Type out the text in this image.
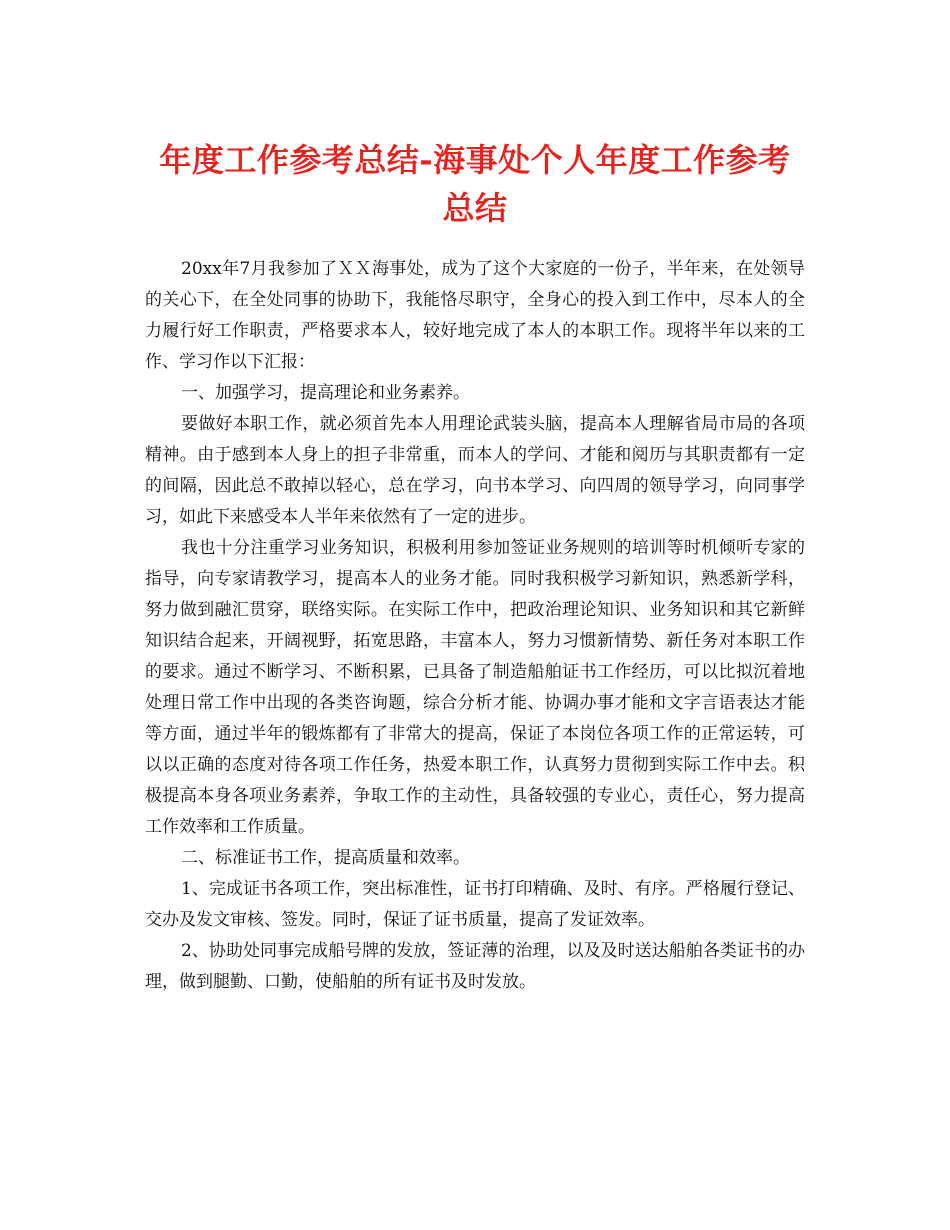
年度工作参考总结-海事处个人年度工作参考总结

20xx年7月我参加了ＸＸ海事处，成为了这个大家庭的一份子，半年来，在处领导的关心下，在全处同事的协助下，我能恪尽职守，全身心的投入到工作中，尽本人的全力履行好工作职责，严格要求本人，较好地完成了本人的本职工作。现将半年以来的工作、学习作以下汇报：

一、加强学习，提高理论和业务素养。

要做好本职工作，就必须首先本人用理论武装头脑，提高本人理解省局市局的各项精神。由于感到本人身上的担子非常重，而本人的学问、才能和阅历与其职责都有一定的间隔，因此总不敢掉以轻心，总在学习，向书本学习、向四周的领导学习，向同事学习，如此下来感受本人半年来依然有了一定的进步。

我也十分注重学习业务知识，积极利用参加签证业务规则的培训等时机倾听专家的指导，向专家请教学习，提高本人的业务才能。同时我积极学习新知识，熟悉新学科，努力做到融汇贯穿，联络实际。在实际工作中，把政治理论知识、业务知识和其它新鲜知识结合起来，开阔视野，拓宽思路，丰富本人，努力习惯新情势、新任务对本职工作的要求。通过不断学习、不断积累，已具备了制造船舶证书工作经历，可以比拟沉着地处理日常工作中出现的各类咨询题，综合分析才能、协调办事才能和文字言语表达才能等方面，通过半年的锻炼都有了非常大的提高，保证了本岗位各项工作的正常运转，可以以正确的态度对待各项工作任务，热爱本职工作，认真努力贯彻到实际工作中去。积极提高本身各项业务素养，争取工作的主动性，具备较强的专业心，责任心，努力提高工作效率和工作质量。

二、标准证书工作，提高质量和效率。

1、完成证书各项工作，突出标准性，证书打印精确、及时、有序。严格履行登记、交办及发文审核、签发。同时，保证了证书质量，提高了发证效率。

2、协助处同事完成船号牌的发放，签证薄的治理，以及及时送达船舶各类证书的办理，做到腿勤、口勤，使船舶的所有证书及时发放。
